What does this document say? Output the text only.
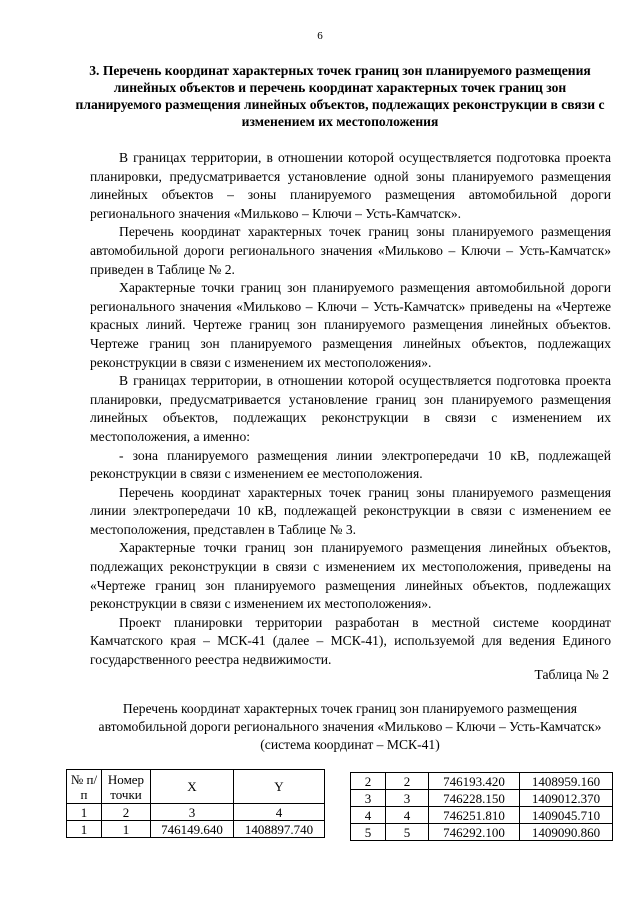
6
3. Перечень координат характерных точек границ зон планируемого размещения линейных объектов и перечень координат характерных точек границ зон планируемого размещения линейных объектов, подлежащих реконструкции в связи с изменением их местоположения

В границах территории, в отношении которой осуществляется подготовка проекта планировки, предусматривается установление одной зоны планируемого размещения линейных объектов – зоны планируемого размещения автомобильной дороги регионального значения «Мильково – Ключи – Усть-Камчатск».

Перечень координат характерных точек границ зоны планируемого размещения автомобильной дороги регионального значения «Мильково – Ключи – Усть-Камчатск» приведен в Таблице № 2.

Характерные точки границ зон планируемого размещения автомобильной дороги регионального значения «Мильково – Ключи – Усть-Камчатск» приведены на «Чертеже красных линий. Чертеже границ зон планируемого размещения линейных объектов. Чертеже границ зон планируемого размещения линейных объектов, подлежащих реконструкции в связи с изменением их местоположения».

В границах территории, в отношении которой осуществляется подготовка проекта планировки, предусматривается установление границ зон планируемого размещения линейных объектов, подлежащих реконструкции в связи с изменением их местоположения, а именно:

- зона планируемого размещения линии электропередачи 10 кВ, подлежащей реконструкции в связи с изменением ее местоположения.

Перечень координат характерных точек границ зоны планируемого размещения линии электропередачи 10 кВ, подлежащей реконструкции в связи с изменением ее местоположения, представлен в Таблице № 3.

Характерные точки границ зон планируемого размещения линейных объектов, подлежащих реконструкции в связи с изменением их местоположения, приведены на «Чертеже границ зон планируемого размещения линейных объектов, подлежащих реконструкции в связи с изменением их местоположения».

Проект планировки территории разработан в местной системе координат Камчатского края – МСК-41 (далее – МСК-41), используемой для ведения Единого государственного реестра недвижимости.

Таблица № 2
Перечень координат характерных точек границ зон планируемого размещения автомобильной дороги регионального значения «Мильково – Ключи – Усть-Камчатск» (система координат – МСК-41)
№ п/п	Номер точки	X	Y
1	2	3	4
1	1	746149.640	1408897.740
2	2	746193.420	1408959.160
3	3	746228.150	1409012.370
4	4	746251.810	1409045.710
5	5	746292.100	1409090.860
